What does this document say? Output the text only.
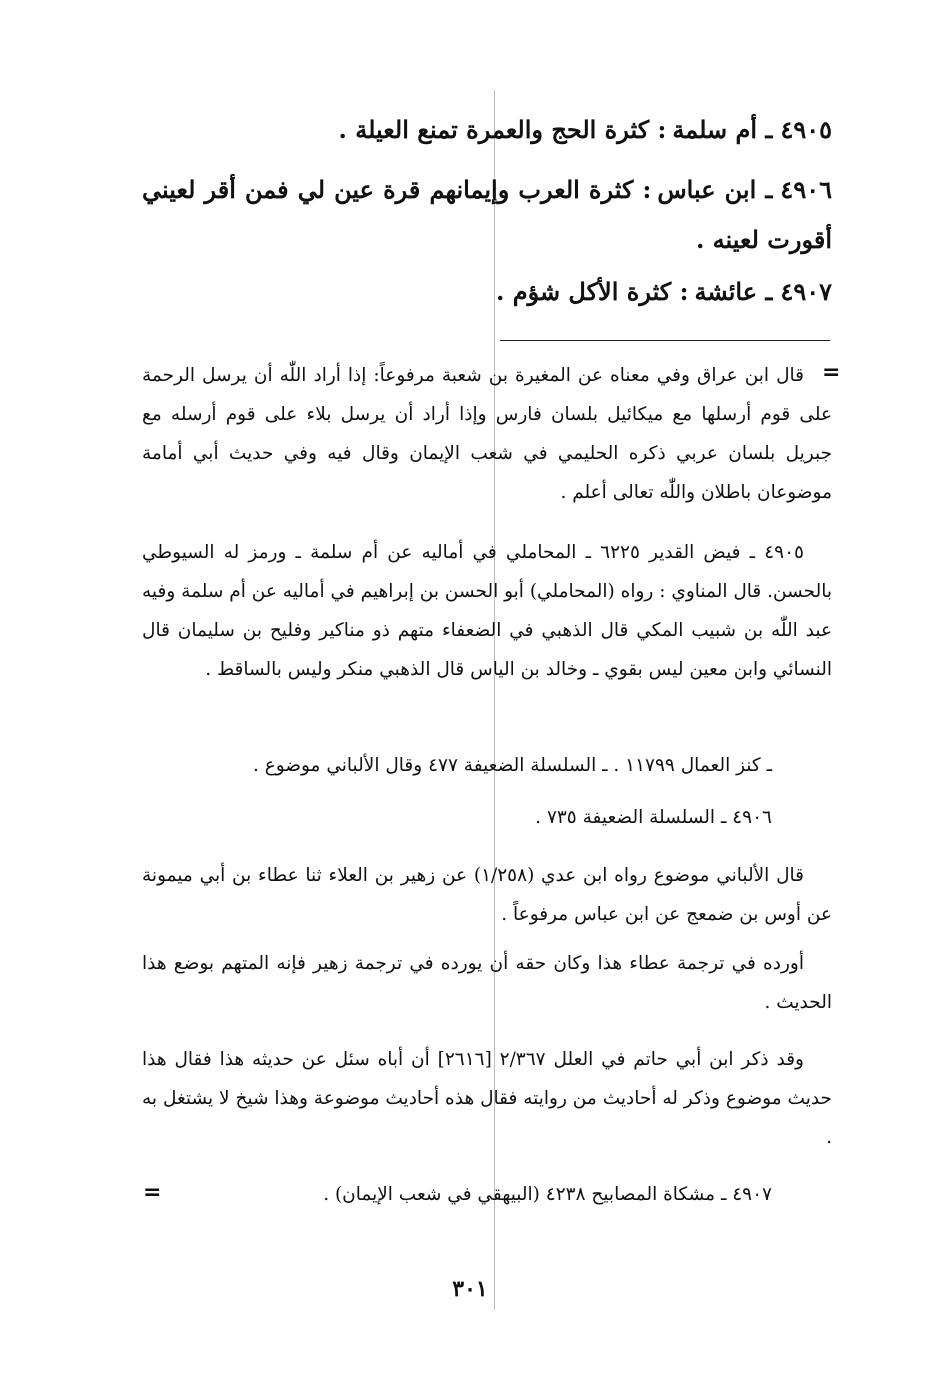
٤٩٠٥ـ أم سلمة: كثرة الحج والعمرة تمنع العيلة .
٤٩٠٦ـ ابن عباس: كثرة العرب وإيمانهم قرة عين لي فمن أقر لعيني أقورت لعينه .
٤٩٠٧ـ عائشة: كثرة الأكل شؤم .
=
قال ابن عراق وفي معناه عن المغيرة بن شعبة مرفوعاً: إذا أراد اللّٰه أن يرسل الرحمة على قوم أرسلها مع ميكائيل بلسان فارس وإذا أراد أن يرسل بلاء على قوم أرسله مع جبريل بلسان عربي ذكره الحليمي في شعب الإيمان وقال فيه وفي حديث أبي أمامة موضوعان باطلان واللّٰه تعالى أعلم .
٤٩٠٥ ـ فيض القدير ٦٢٢٥ ـ المحاملي في أماليه عن أم سلمة ـ ورمز له السيوطي بالحسن. قال المناوي : رواه (المحاملي) أبو الحسن بن إبراهيم في أماليه عن أم سلمة وفيه عبد اللّٰه بن شبيب المكي قال الذهبي في الضعفاء متهم ذو مناكير وفليح بن سليمان قال النسائي وابن معين ليس بقوي ـ وخالد بن الياس قال الذهبي منكر وليس بالساقط .
ـ كنز العمال ١١٧٩٩ . ـ السلسلة الضعيفة ٤٧٧ وقال الألباني موضوع .
٤٩٠٦ ـ السلسلة الضعيفة ٧٣٥ .
قال الألباني موضوع رواه ابن عدي (١/٢٥٨) عن زهير بن العلاء ثنا عطاء بن أبي ميمونة عن أوس بن ضمعج عن ابن عباس مرفوعاً .
أورده في ترجمة عطاء هذا وكان حقه أن يورده في ترجمة زهير فإنه المتهم بوضع هذا الحديث .
وقد ذكر ابن أبي حاتم في العلل ٢/٣٦٧ [٢٦١٦] أن أباه سئل عن حديثه هذا فقال هذا حديث موضوع وذكر له أحاديث من روايته فقال هذه أحاديث موضوعة وهذا شيخ لا يشتغل به .
٤٩٠٧ ـ مشكاة المصابيح ٤٢٣٨ (البيهقي في شعب الإيمان) .
=
٣٠١
